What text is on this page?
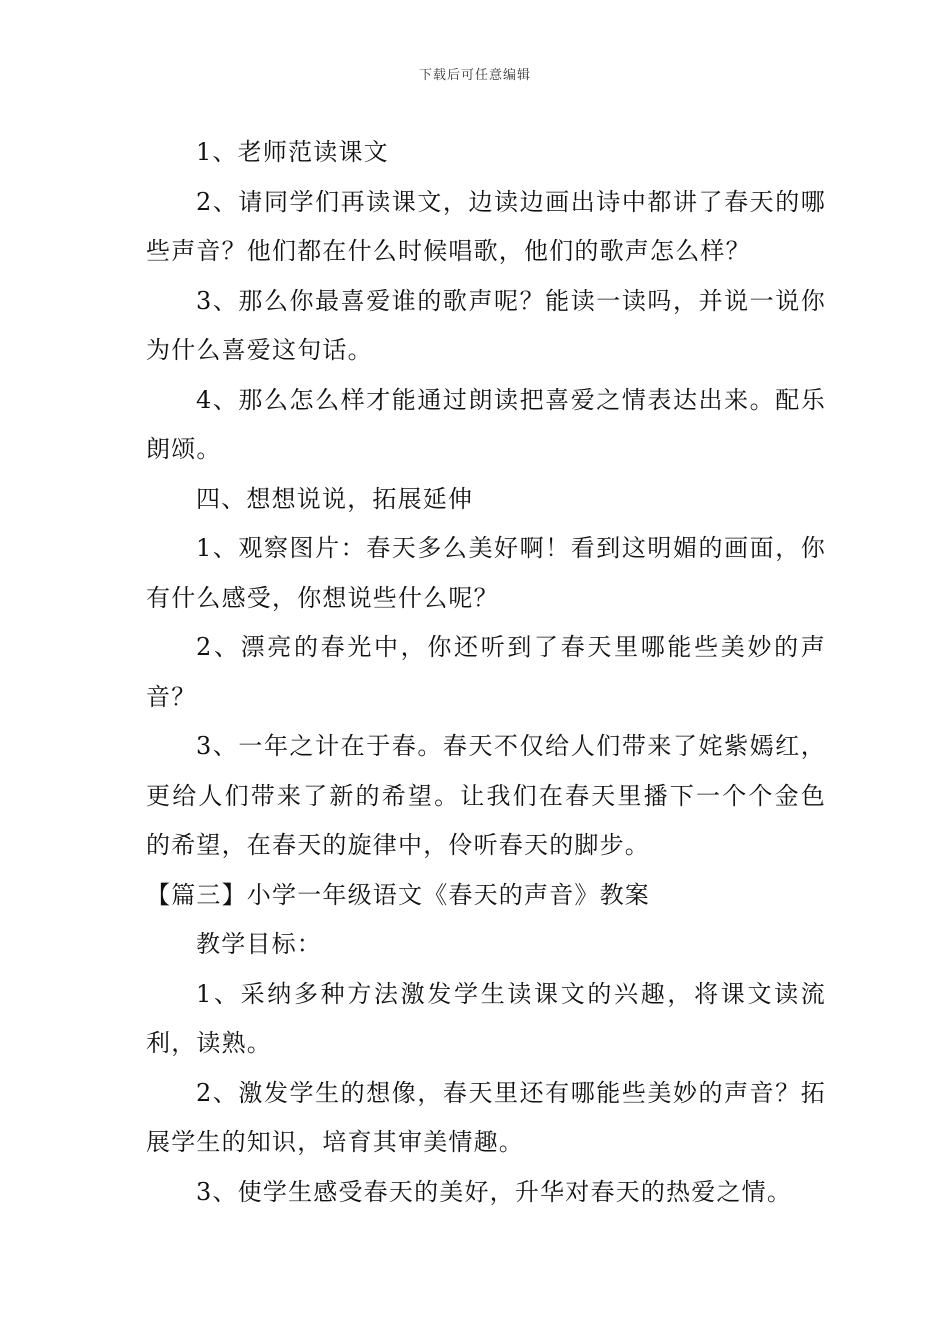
下载后可任意编辑

1、老师范读课文

2、请同学们再读课文，边读边画出诗中都讲了春天的哪些声音？他们都在什么时候唱歌，他们的歌声怎么样？

3、那么你最喜爱谁的歌声呢？能读一读吗，并说一说你为什么喜爱这句话。

4、那么怎么样才能通过朗读把喜爱之情表达出来。配乐朗颂。

四、想想说说，拓展延伸

1、观察图片：春天多么美好啊！看到这明媚的画面，你有什么感受，你想说些什么呢？

2、漂亮的春光中，你还听到了春天里哪能些美妙的声音？

3、一年之计在于春。春天不仅给人们带来了姹紫嫣红，更给人们带来了新的希望。让我们在春天里播下一个个金色的希望，在春天的旋律中，伶听春天的脚步。

【篇三】小学一年级语文《春天的声音》教案

教学目标：

1、采纳多种方法激发学生读课文的兴趣，将课文读流利，读熟。

2、激发学生的想像，春天里还有哪能些美妙的声音？拓展学生的知识，培育其审美情趣。

3、使学生感受春天的美好，升华对春天的热爱之情。
